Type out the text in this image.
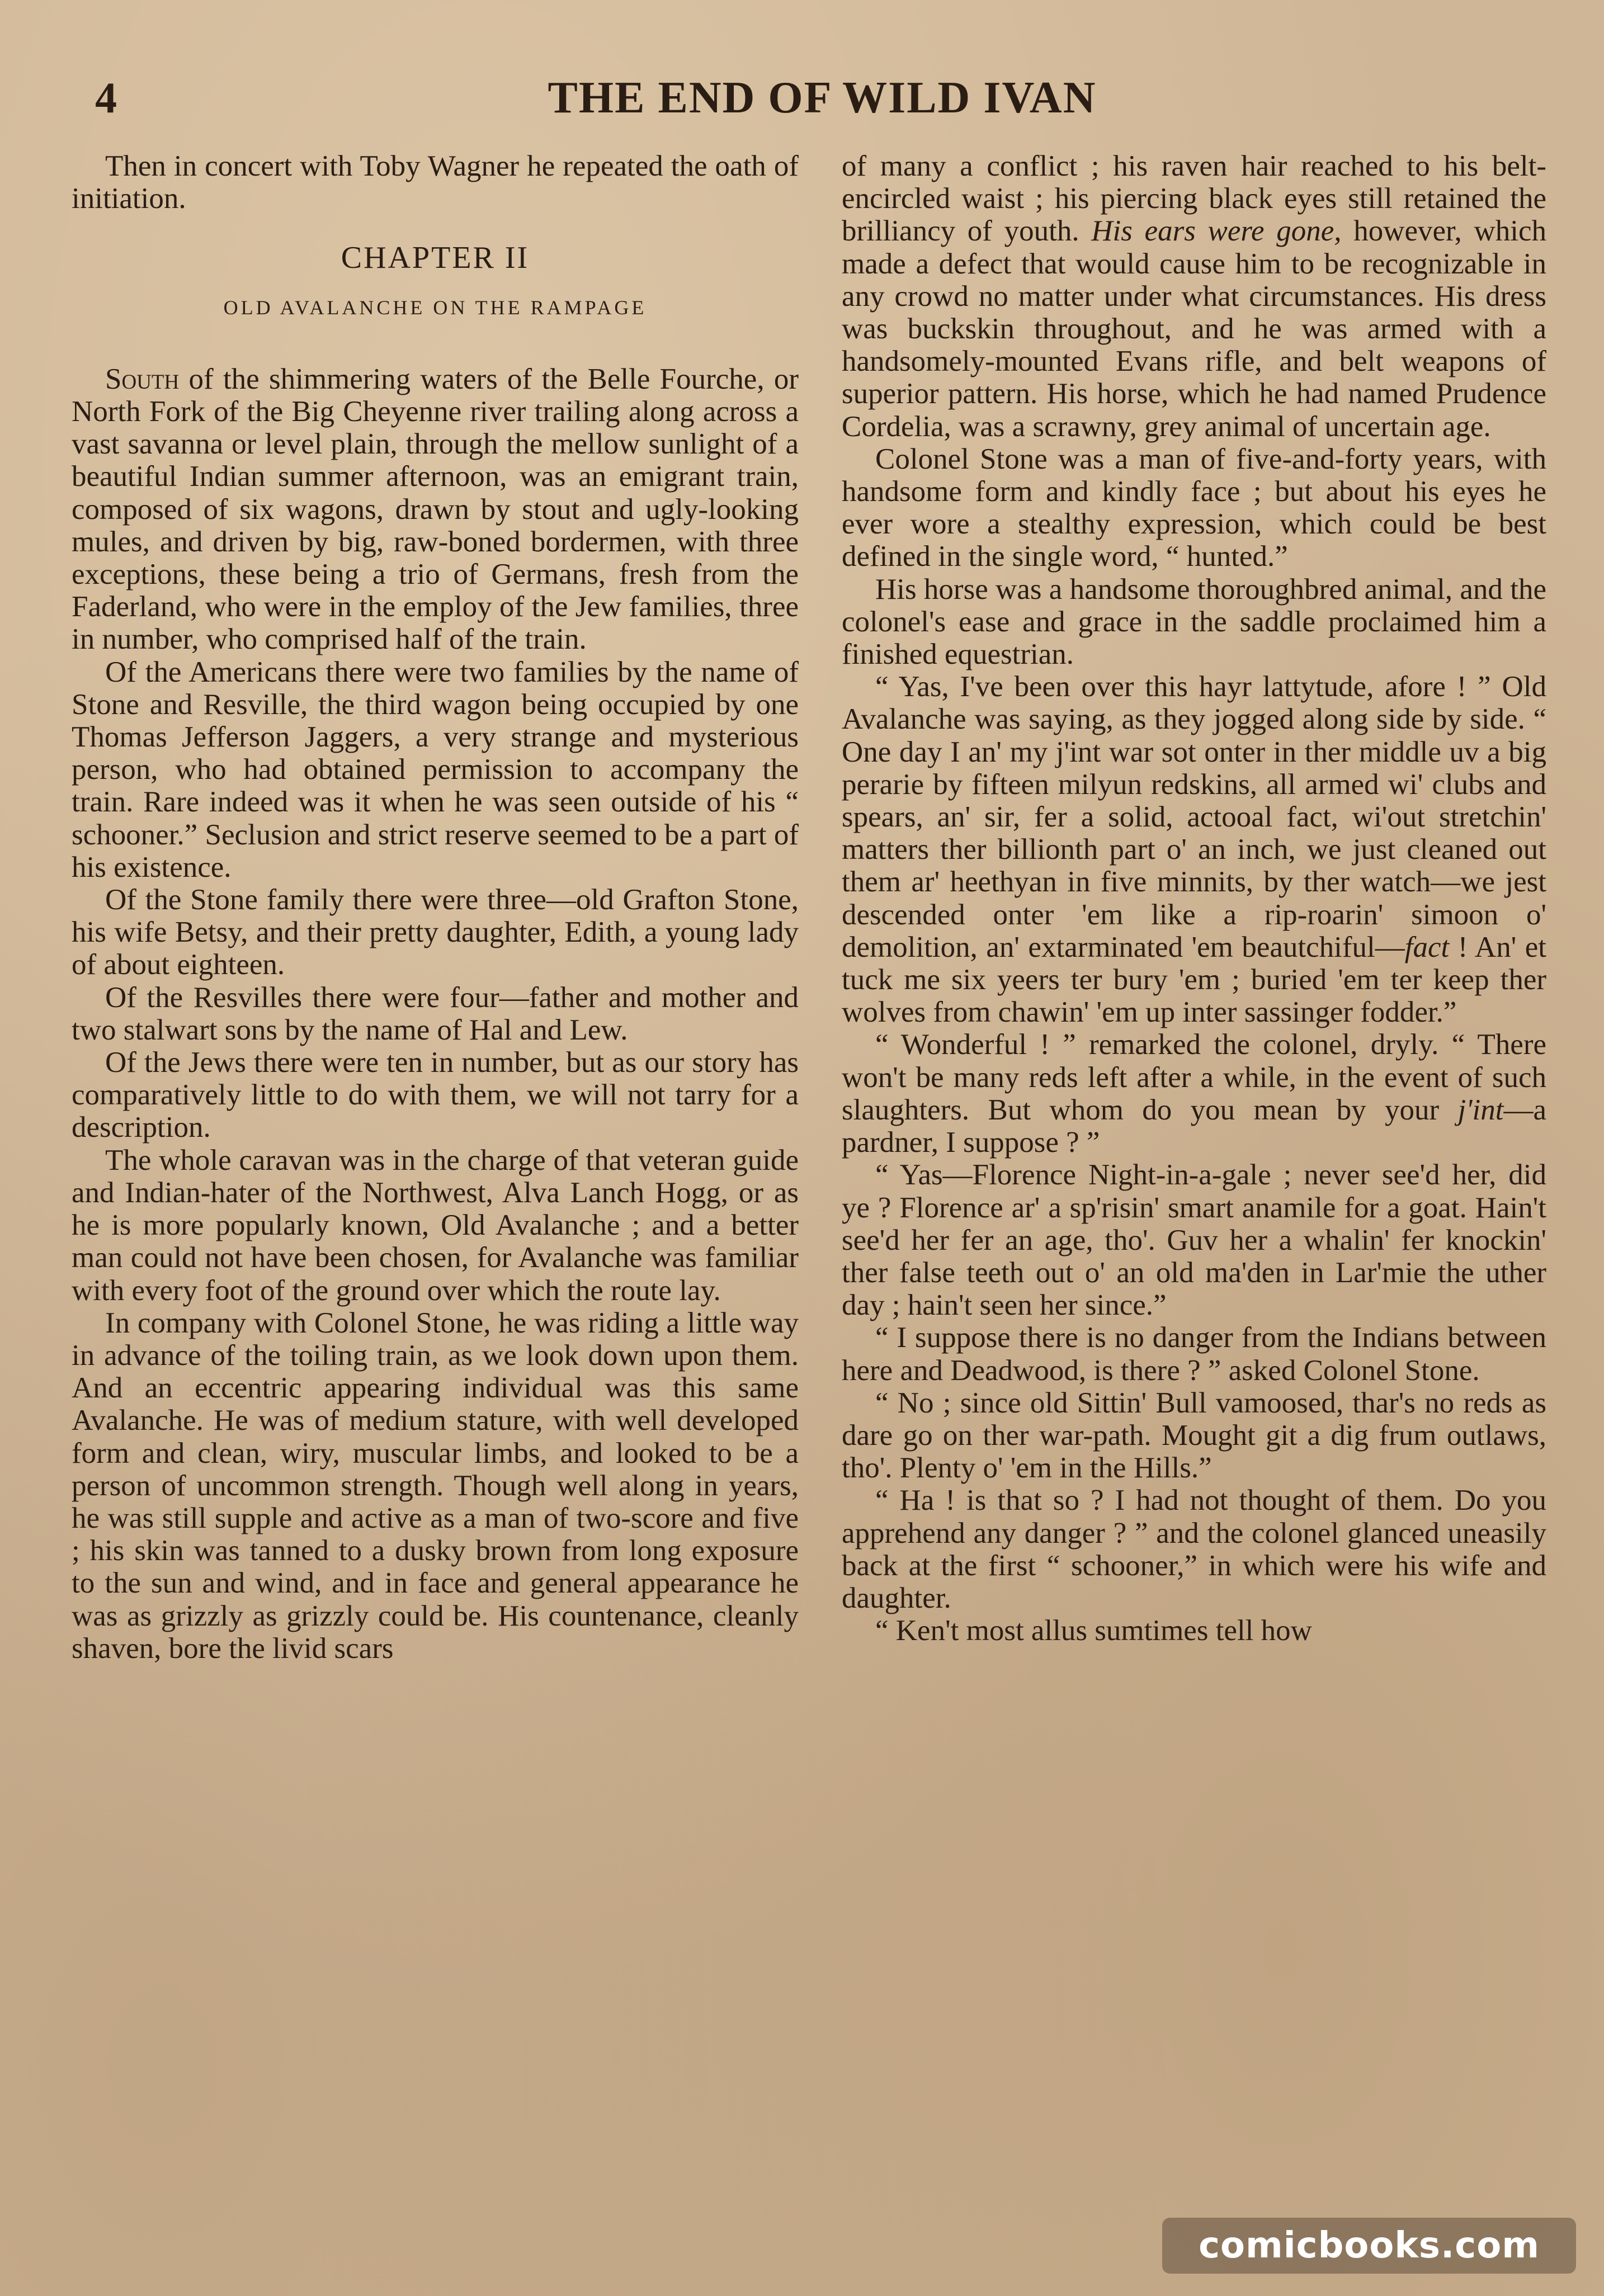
4	THE END OF WILD IVAN

Then in concert with Toby Wagner he repeated the oath of initiation.

CHAPTER II
OLD AVALANCHE ON THE RAMPAGE

South of the shimmering waters of the Belle Fourche, or North Fork of the Big Cheyenne river trailing along across a vast savanna or level plain, through the mellow sunlight of a beautiful Indian summer afternoon, was an emigrant train, composed of six wagons, drawn by stout and ugly-looking mules, and driven by big, raw-boned bordermen, with three exceptions, these being a trio of Germans, fresh from the Faderland, who were in the employ of the Jew families, three in number, who comprised half of the train.

Of the Americans there were two families by the name of Stone and Resville, the third wagon being occupied by one Thomas Jefferson Jaggers, a very strange and mysterious person, who had obtained permission to accompany the train. Rare indeed was it when he was seen outside of his “ schooner.” Seclusion and strict reserve seemed to be a part of his existence.

Of the Stone family there were three—old Grafton Stone, his wife Betsy, and their pretty daughter, Edith, a young lady of about eighteen.

Of the Resvilles there were four—father and mother and two stalwart sons by the name of Hal and Lew.

Of the Jews there were ten in number, but as our story has comparatively little to do with them, we will not tarry for a description.

The whole caravan was in the charge of that veteran guide and Indian-hater of the Northwest, Alva Lanch Hogg, or as he is more popularly known, Old Avalanche ; and a better man could not have been chosen, for Avalanche was familiar with every foot of the ground over which the route lay.

In company with Colonel Stone, he was riding a little way in advance of the toiling train, as we look down upon them. And an eccentric appearing individual was this same Avalanche. He was of medium stature, with well developed form and clean, wiry, muscular limbs, and looked to be a person of uncommon strength. Though well along in years, he was still supple and active as a man of two-score and five ; his skin was tanned to a dusky brown from long exposure to the sun and wind, and in face and general appearance he was as grizzly as grizzly could be. His countenance, cleanly shaven, bore the livid scars

of many a conflict ; his raven hair reached to his belt-encircled waist ; his piercing black eyes still retained the brilliancy of youth. His ears were gone, however, which made a defect that would cause him to be recognizable in any crowd no matter under what circumstances. His dress was buckskin throughout, and he was armed with a handsomely-mounted Evans rifle, and belt weapons of superior pattern. His horse, which he had named Prudence Cordelia, was a scrawny, grey animal of uncertain age.

Colonel Stone was a man of five-and-forty years, with handsome form and kindly face ; but about his eyes he ever wore a stealthy expression, which could be best defined in the single word, “ hunted.”

His horse was a handsome thoroughbred animal, and the colonel's ease and grace in the saddle proclaimed him a finished equestrian.

“ Yas, I've been over this hayr lattytude, afore ! ” Old Avalanche was saying, as they jogged along side by side. “ One day I an' my j'int war sot onter in ther middle uv a big perarie by fifteen milyun redskins, all armed wi' clubs and spears, an' sir, fer a solid, actooal fact, wi'out stretchin' matters ther billionth part o' an inch, we just cleaned out them ar' heethyan in five minnits, by ther watch—we jest descended onter 'em like a rip-roarin' simoon o' demolition, an' extarminated 'em beautchiful—fact ! An' et tuck me six yeers ter bury 'em ; buried 'em ter keep ther wolves from chawin' 'em up inter sassinger fodder.”

“ Wonderful ! ” remarked the colonel, dryly. “ There won't be many reds left after a while, in the event of such slaughters. But whom do you mean by your j'int—a pardner, I suppose ? ”

“ Yas—Florence Night-in-a-gale ; never see'd her, did ye ? Florence ar' a sp'risin' smart anamile for a goat. Hain't see'd her fer an age, tho'. Guv her a whalin' fer knockin' ther false teeth out o' an old ma'den in Lar'mie the uther day ; hain't seen her since.”

“ I suppose there is no danger from the Indians between here and Deadwood, is there ? ” asked Colonel Stone.

“ No ; since old Sittin' Bull vamoosed, thar's no reds as dare go on ther war-path. Mought git a dig frum outlaws, tho'. Plenty o' 'em in the Hills.”

“ Ha ! is that so ? I had not thought of them. Do you apprehend any danger ? ” and the colonel glanced uneasily back at the first “ schooner,” in which were his wife and daughter.

“ Ken't most allus sumtimes tell how

comicbooks.com
